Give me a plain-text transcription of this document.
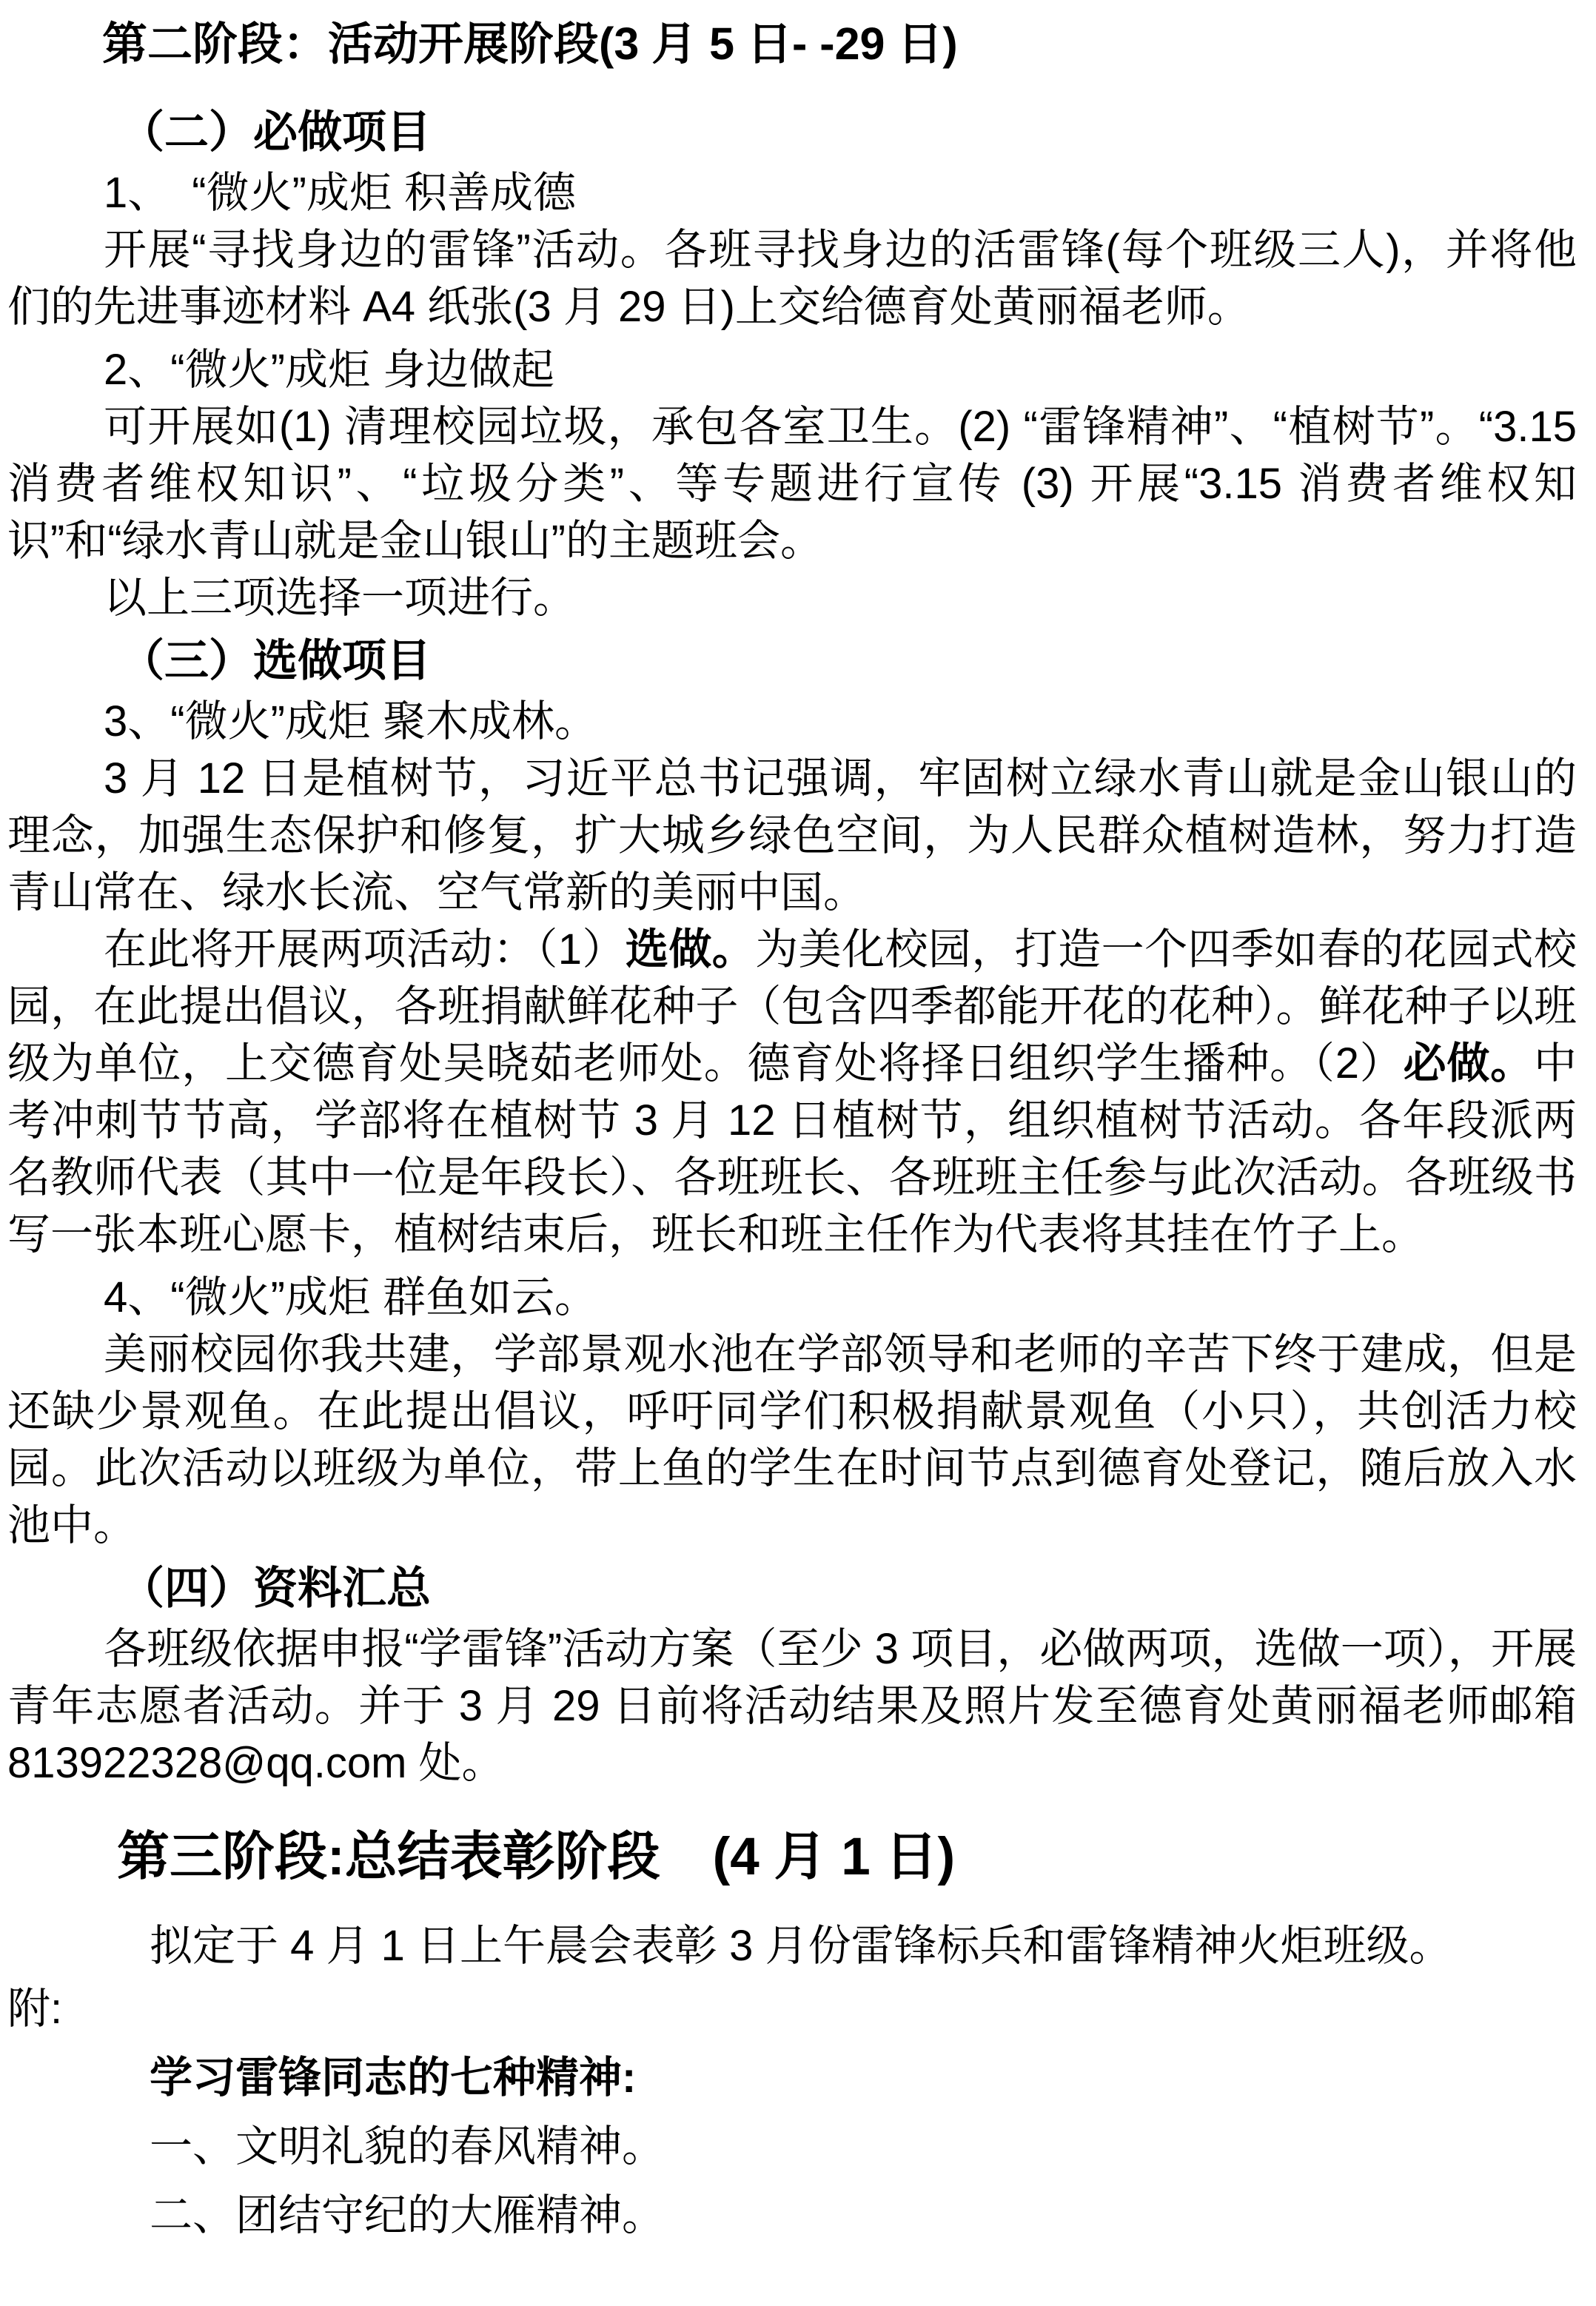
第二阶段：活动开展阶段(3 月 5 日- -29 日)
（二）必做项目

1、　“微火”成炬 积善成德

开展“寻找身边的雷锋”活动。各班寻找身边的活雷锋(每个班级三人)，并将他们的先进事迹材料 A4 纸张(3 月 29 日)上交给德育处黄丽福老师。

2、“微火”成炬 身边做起

可开展如(1) 清理校园垃圾，承包各室卫生。(2) “雷锋精神”、“植树节”。“3.15 消费者维权知识”、“垃圾分类”、等专题进行宣传 (3) 开展“3.15 消费者维权知识”和“绿水青山就是金山银山”的主题班会。

以上三项选择一项进行。

（三）选做项目

3、“微火”成炬 聚木成林。

3 月 12 日是植树节，习近平总书记强调，牢固树立绿水青山就是金山银山的理念，加强生态保护和修复，扩大城乡绿色空间，为人民群众植树造林，努力打造青山常在、绿水长流、空气常新的美丽中国。

在此将开展两项活动：（1）选做。为美化校园，打造一个四季如春的花园式校园，在此提出倡议，各班捐献鲜花种子（包含四季都能开花的花种）。鲜花种子以班级为单位，上交德育处吴晓茹老师处。德育处将择日组织学生播种。（2）必做。中考冲刺节节高，学部将在植树节 3 月 12 日植树节，组织植树节活动。各年段派两名教师代表（其中一位是年段长）、各班班长、各班班主任参与此次活动。各班级书写一张本班心愿卡，植树结束后，班长和班主任作为代表将其挂在竹子上。

4、“微火”成炬 群鱼如云。

美丽校园你我共建，学部景观水池在学部领导和老师的辛苦下终于建成，但是还缺少景观鱼。在此提出倡议，呼吁同学们积极捐献景观鱼（小只），共创活力校园。此次活动以班级为单位，带上鱼的学生在时间节点到德育处登记，随后放入水池中。

（四）资料汇总

各班级依据申报“学雷锋”活动方案（至少 3 项目，必做两项，选做一项），开展青年志愿者活动。并于 3 月 29 日前将活动结果及照片发至德育处黄丽福老师邮箱 813922328@qq.com 处。

第三阶段:总结表彰阶段　(4 月 1 日)

拟定于 4 月 1 日上午晨会表彰 3 月份雷锋标兵和雷锋精神火炬班级。

附:

学习雷锋同志的七种精神:

一、文明礼貌的春风精神。

二、团结守纪的大雁精神。
